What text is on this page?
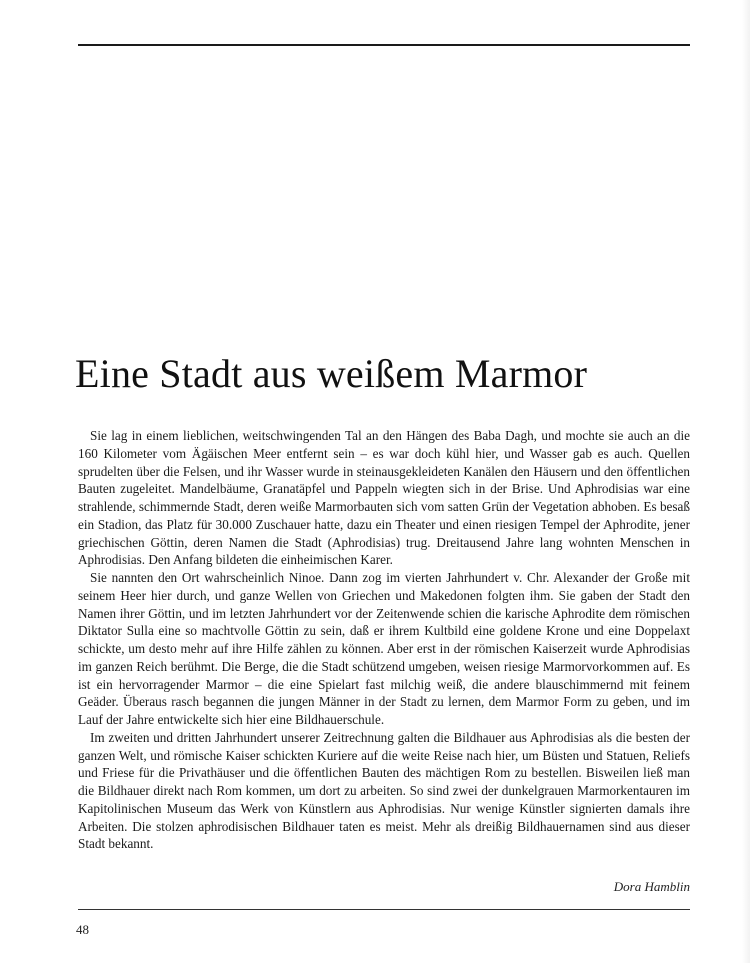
Eine Stadt aus weißem Marmor

Sie lag in einem lieblichen, weitschwingenden Tal an den Hängen des Baba Dagh, und mochte sie auch an die 160 Kilometer vom Ägäischen Meer entfernt sein – es war doch kühl hier, und Wasser gab es auch. Quellen sprudelten über die Felsen, und ihr Wasser wurde in steinausgekleideten Kanälen den Häusern und den öffentlichen Bauten zugeleitet. Mandelbäume, Granatäpfel und Pappeln wiegten sich in der Brise. Und Aphrodisias war eine strahlende, schimmernde Stadt, deren weiße Marmorbauten sich vom satten Grün der Vegetation abhoben. Es besaß ein Stadion, das Platz für 30.000 Zuschauer hatte, dazu ein Theater und einen riesigen Tempel der Aphrodite, jener griechischen Göttin, deren Namen die Stadt (Aphrodisias) trug. Dreitausend Jahre lang wohnten Menschen in Aphrodisias. Den Anfang bildeten die einheimischen Karer.

Sie nannten den Ort wahrscheinlich Ninoe. Dann zog im vierten Jahrhundert v. Chr. Alexander der Große mit seinem Heer hier durch, und ganze Wellen von Griechen und Makedonen folgten ihm. Sie gaben der Stadt den Namen ihrer Göttin, und im letzten Jahrhundert vor der Zeitenwende schien die karische Aphrodite dem römischen Diktator Sulla eine so machtvolle Göttin zu sein, daß er ihrem Kultbild eine goldene Krone und eine Doppelaxt schickte, um desto mehr auf ihre Hilfe zählen zu können. Aber erst in der römischen Kaiserzeit wurde Aphrodisias im ganzen Reich berühmt. Die Berge, die die Stadt schützend umgeben, weisen riesige Marmorvorkommen auf. Es ist ein hervorragender Marmor – die eine Spielart fast milchig weiß, die andere blauschimmernd mit feinem Geäder. Überaus rasch begannen die jungen Männer in der Stadt zu lernen, dem Marmor Form zu geben, und im Lauf der Jahre entwickelte sich hier eine Bildhauerschule.

Im zweiten und dritten Jahrhundert unserer Zeitrechnung galten die Bildhauer aus Aphrodisias als die besten der ganzen Welt, und römische Kaiser schickten Kuriere auf die weite Reise nach hier, um Büsten und Statuen, Reliefs und Friese für die Privathäuser und die öffentlichen Bauten des mächtigen Rom zu bestellen. Bisweilen ließ man die Bildhauer direkt nach Rom kommen, um dort zu arbeiten. So sind zwei der dunkelgrauen Marmorkentauren im Kapitolinischen Museum das Werk von Künstlern aus Aphrodisias. Nur wenige Künstler signierten damals ihre Arbeiten. Die stolzen aphrodisischen Bildhauer taten es meist. Mehr als dreißig Bildhauernamen sind aus dieser Stadt bekannt.

Dora Hamblin
48
